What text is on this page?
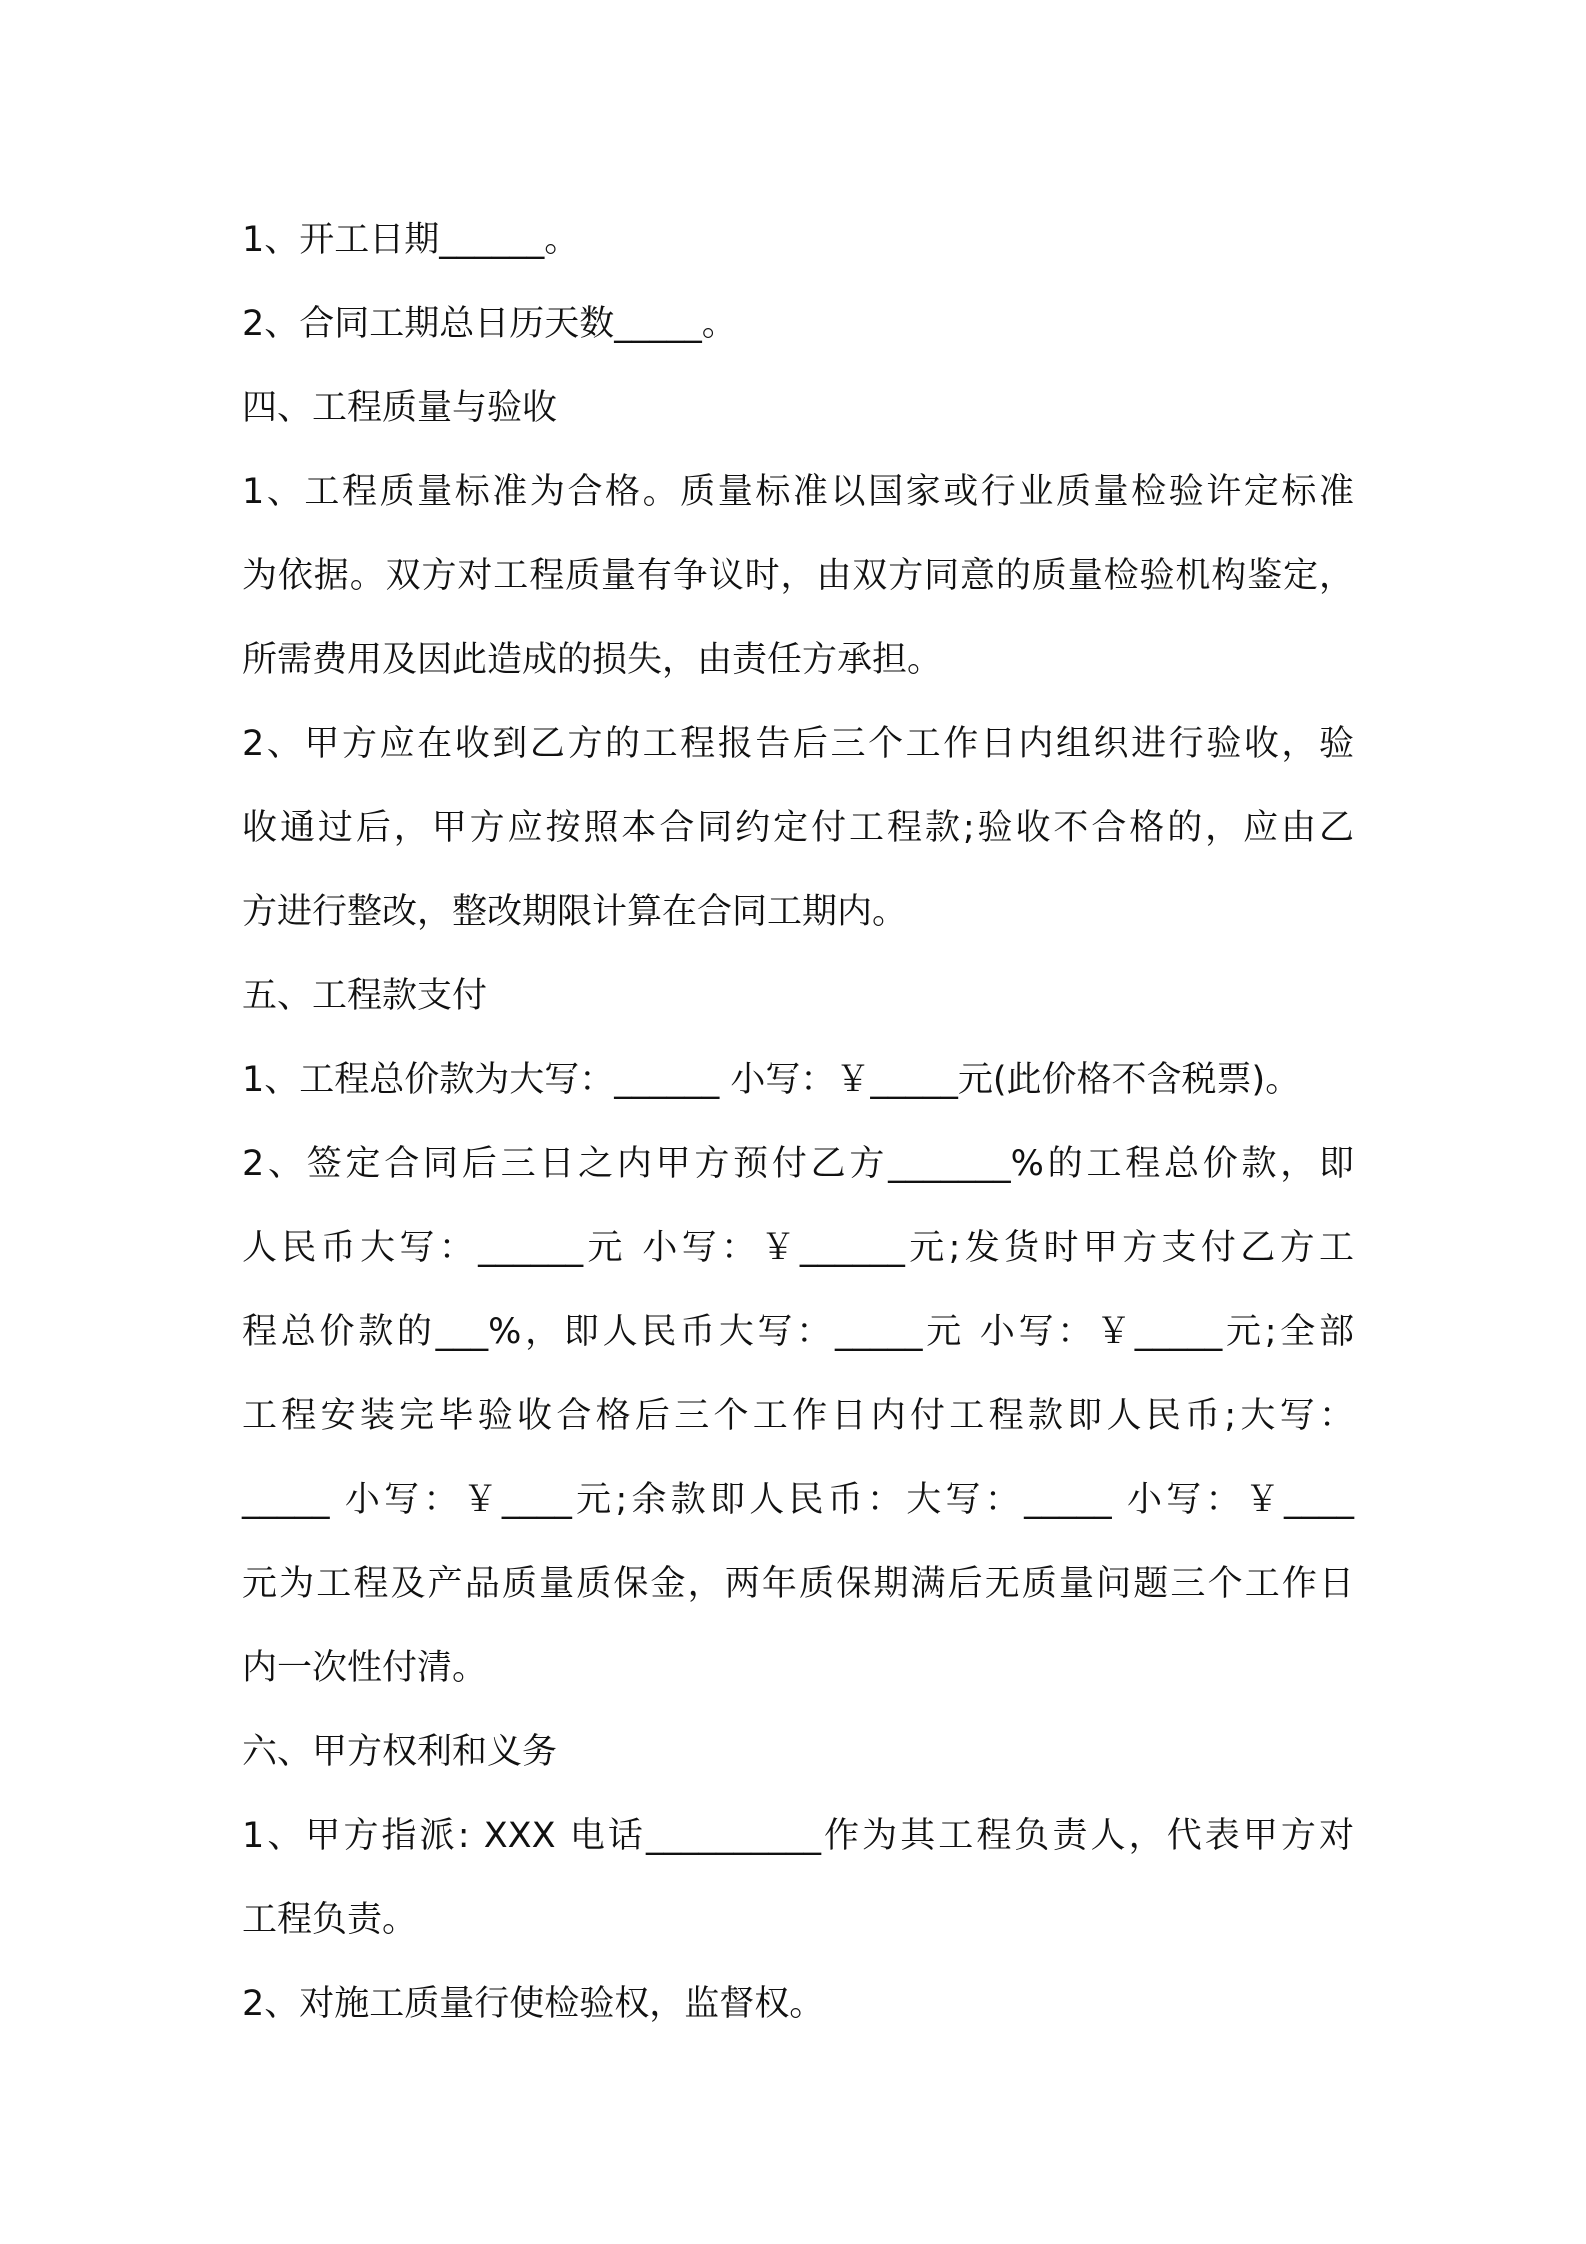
1、开工日期______。
2、合同工期总日历天数_____。
四、工程质量与验收
1、工程质量标准为合格。质量标准以国家或行业质量检验许定标准
为依据。双方对工程质量有争议时，由双方同意的质量检验机构鉴定，
所需费用及因此造成的损失，由责任方承担。
2、甲方应在收到乙方的工程报告后三个工作日内组织进行验收，验
收通过后，甲方应按照本合同约定付工程款;验收不合格的，应由乙
方进行整改，整改期限计算在合同工期内。
五、工程款支付
1、工程总价款为大写：______ 小写：￥_____元(此价格不含税票)。
2、签定合同后三日之内甲方预付乙方_______%的工程总价款，即
人民币大写：______元 小写：￥______元;发货时甲方支付乙方工
程总价款的___%，即人民币大写：_____元 小写：￥_____元;全部
工程安装完毕验收合格后三个工作日内付工程款即人民币;大写：
_____ 小写：￥____元;余款即人民币：大写：_____ 小写：￥____
元为工程及产品质量质保金，两年质保期满后无质量问题三个工作日
内一次性付清。
六、甲方权利和义务
1、甲方指派: XXX 电话__________作为其工程负责人，代表甲方对
工程负责。
2、对施工质量行使检验权，监督权。
